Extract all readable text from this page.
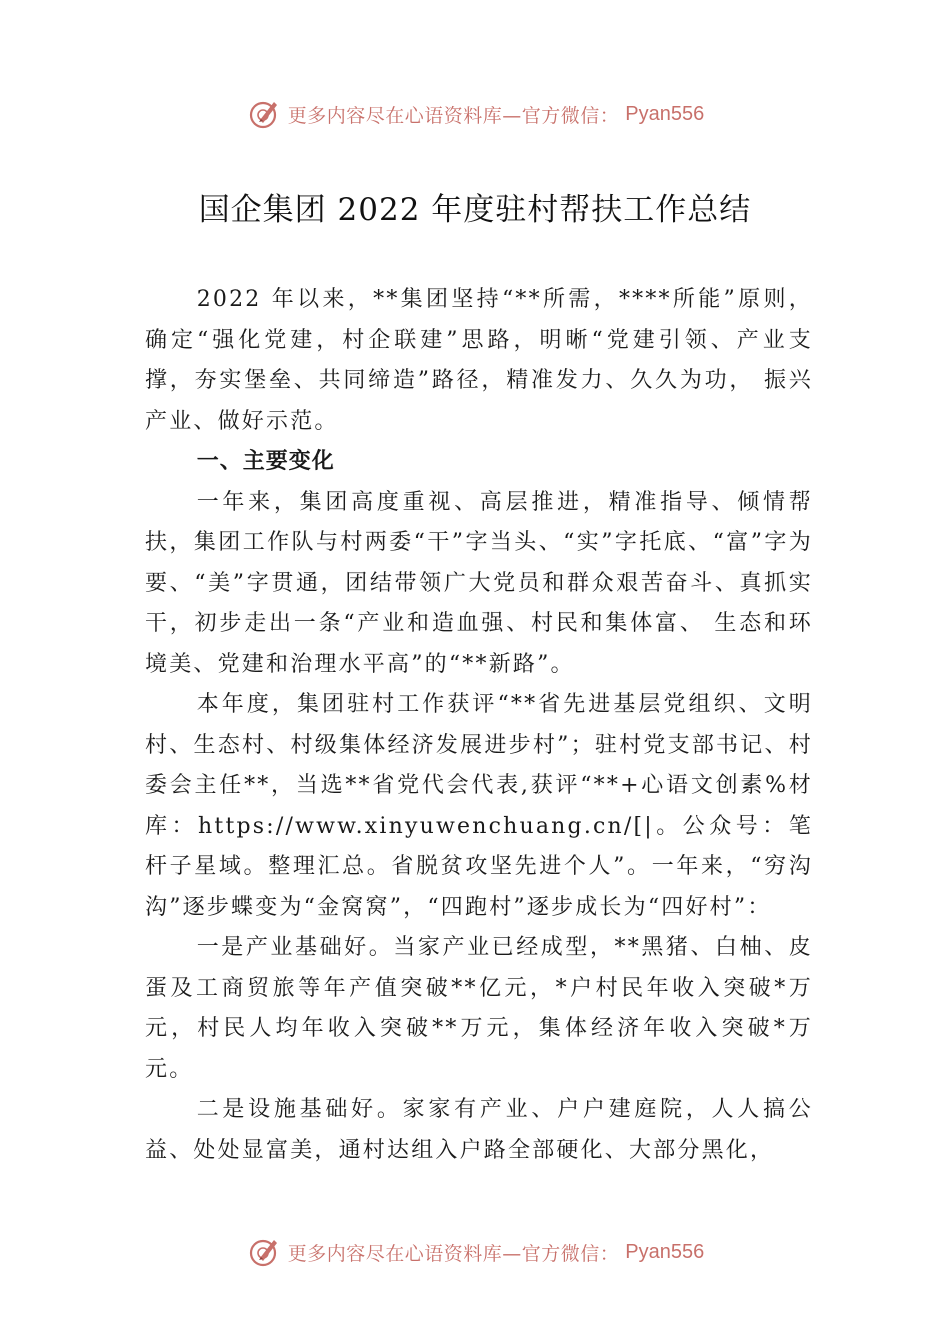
更多内容尽在心语资料库—官方微信： Pyan556
国企集团 2022 年度驻村帮扶工作总结

2022 年以来，**集团坚持“**所需，****所能”原则，确定“强化党建，村企联建”思路，明晰“党建引领、产业支撑，夯实堡垒、共同缔造”路径，精准发力、久久为功， 振兴产业、做好示范。

一、主要变化

一年来，集团高度重视、高层推进，精准指导、倾情帮扶，集团工作队与村两委“干”字当头、“实”字托底、“富”字为要、“美”字贯通，团结带领广大党员和群众艰苦奋斗、真抓实干，初步走出一条“产业和造血强、村民和集体富、 生态和环境美、党建和治理水平高”的“**新路”。

本年度，集团驻村工作获评“**省先进基层党组织、文明村、生态村、村级集体经济发展进步村”；驻村党支部书记、村委会主任**，当选**省党代会代表,获评“**+心语文创素%材库：https://www.xinyuwenchuang.cn/[|。公众号：笔杆子星域。整理汇总。省脱贫攻坚先进个人”。一年来，“穷沟沟”逐步蝶变为“金窝窝”，“四跑村”逐步成长为“四好村”：

一是产业基础好。当家产业已经成型，**黑猪、白柚、皮蛋及工商贸旅等年产值突破**亿元，*户村民年收入突破*万元，村民人均年收入突破**万元，集体经济年收入突破*万元。

二是设施基础好。家家有产业、户户建庭院，人人搞公益、处处显富美，通村达组入户路全部硬化、大部分黑化，

更多内容尽在心语资料库—官方微信： Pyan556
